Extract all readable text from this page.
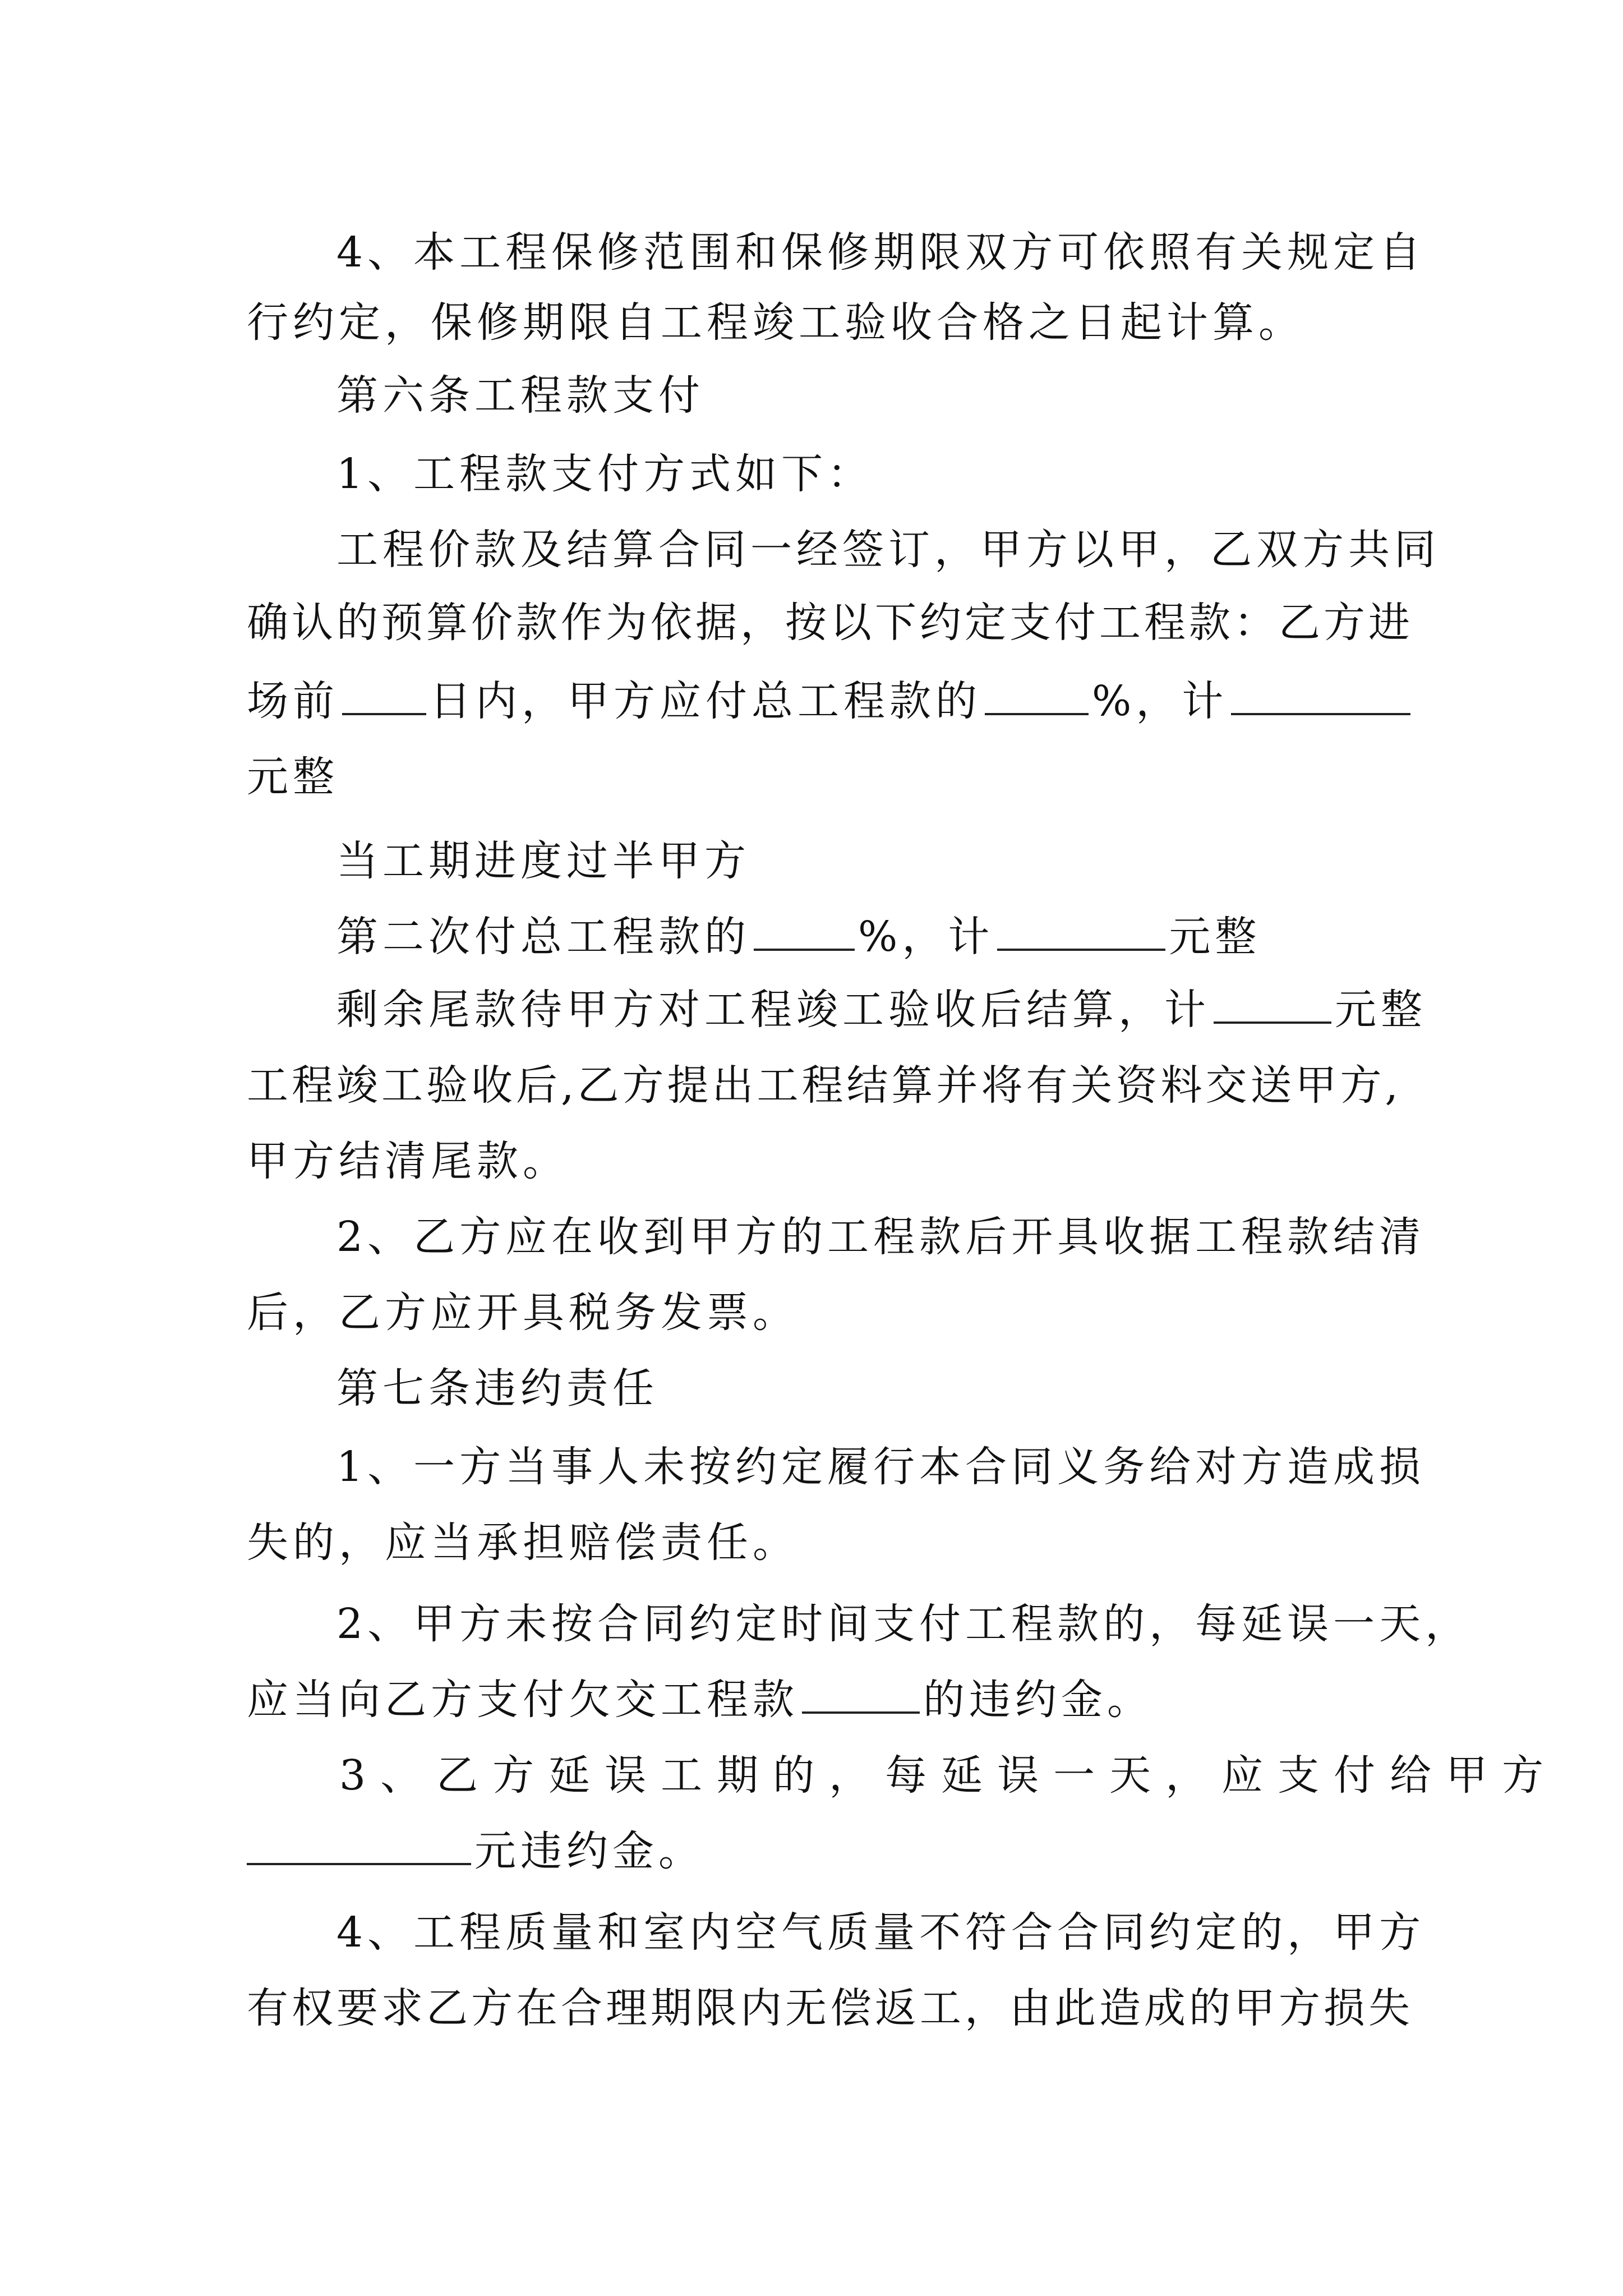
4、本工程保修范围和保修期限双方可依照有关规定自
行约定，保修期限自工程竣工验收合格之日起计算。
第六条工程款支付
1、工程款支付方式如下：
工程价款及结算合同一经签订，甲方以甲，乙双方共同
确认的预算价款作为依据，按以下约定支付工程款：乙方进
场前 日内，甲方应付总工程款的	%，计
元整
当工期进度过半甲方
第二次付总工程款的	%，计	元整
剩余尾款待甲方对工程竣工验收后结算，计	元整
工程竣工验收后,乙方提出工程结算并将有关资料交送甲方,
甲方结清尾款。
2、乙方应在收到甲方的工程款后开具收据工程款结清
后，乙方应开具税务发票。
第七条违约责任
1、一方当事人未按约定履行本合同义务给对方造成损
失的，应当承担赔偿责任。
2、甲方未按合同约定时间支付工程款的，每延误一天，
应当向乙方支付欠交工程款	的违约金。
3、乙方延误工期的，每延误一天，应支付给甲方
元违约金。
4、工程质量和室内空气质量不符合合同约定的，甲方
有权要求乙方在合理期限内无偿返工，由此造成的甲方损失
